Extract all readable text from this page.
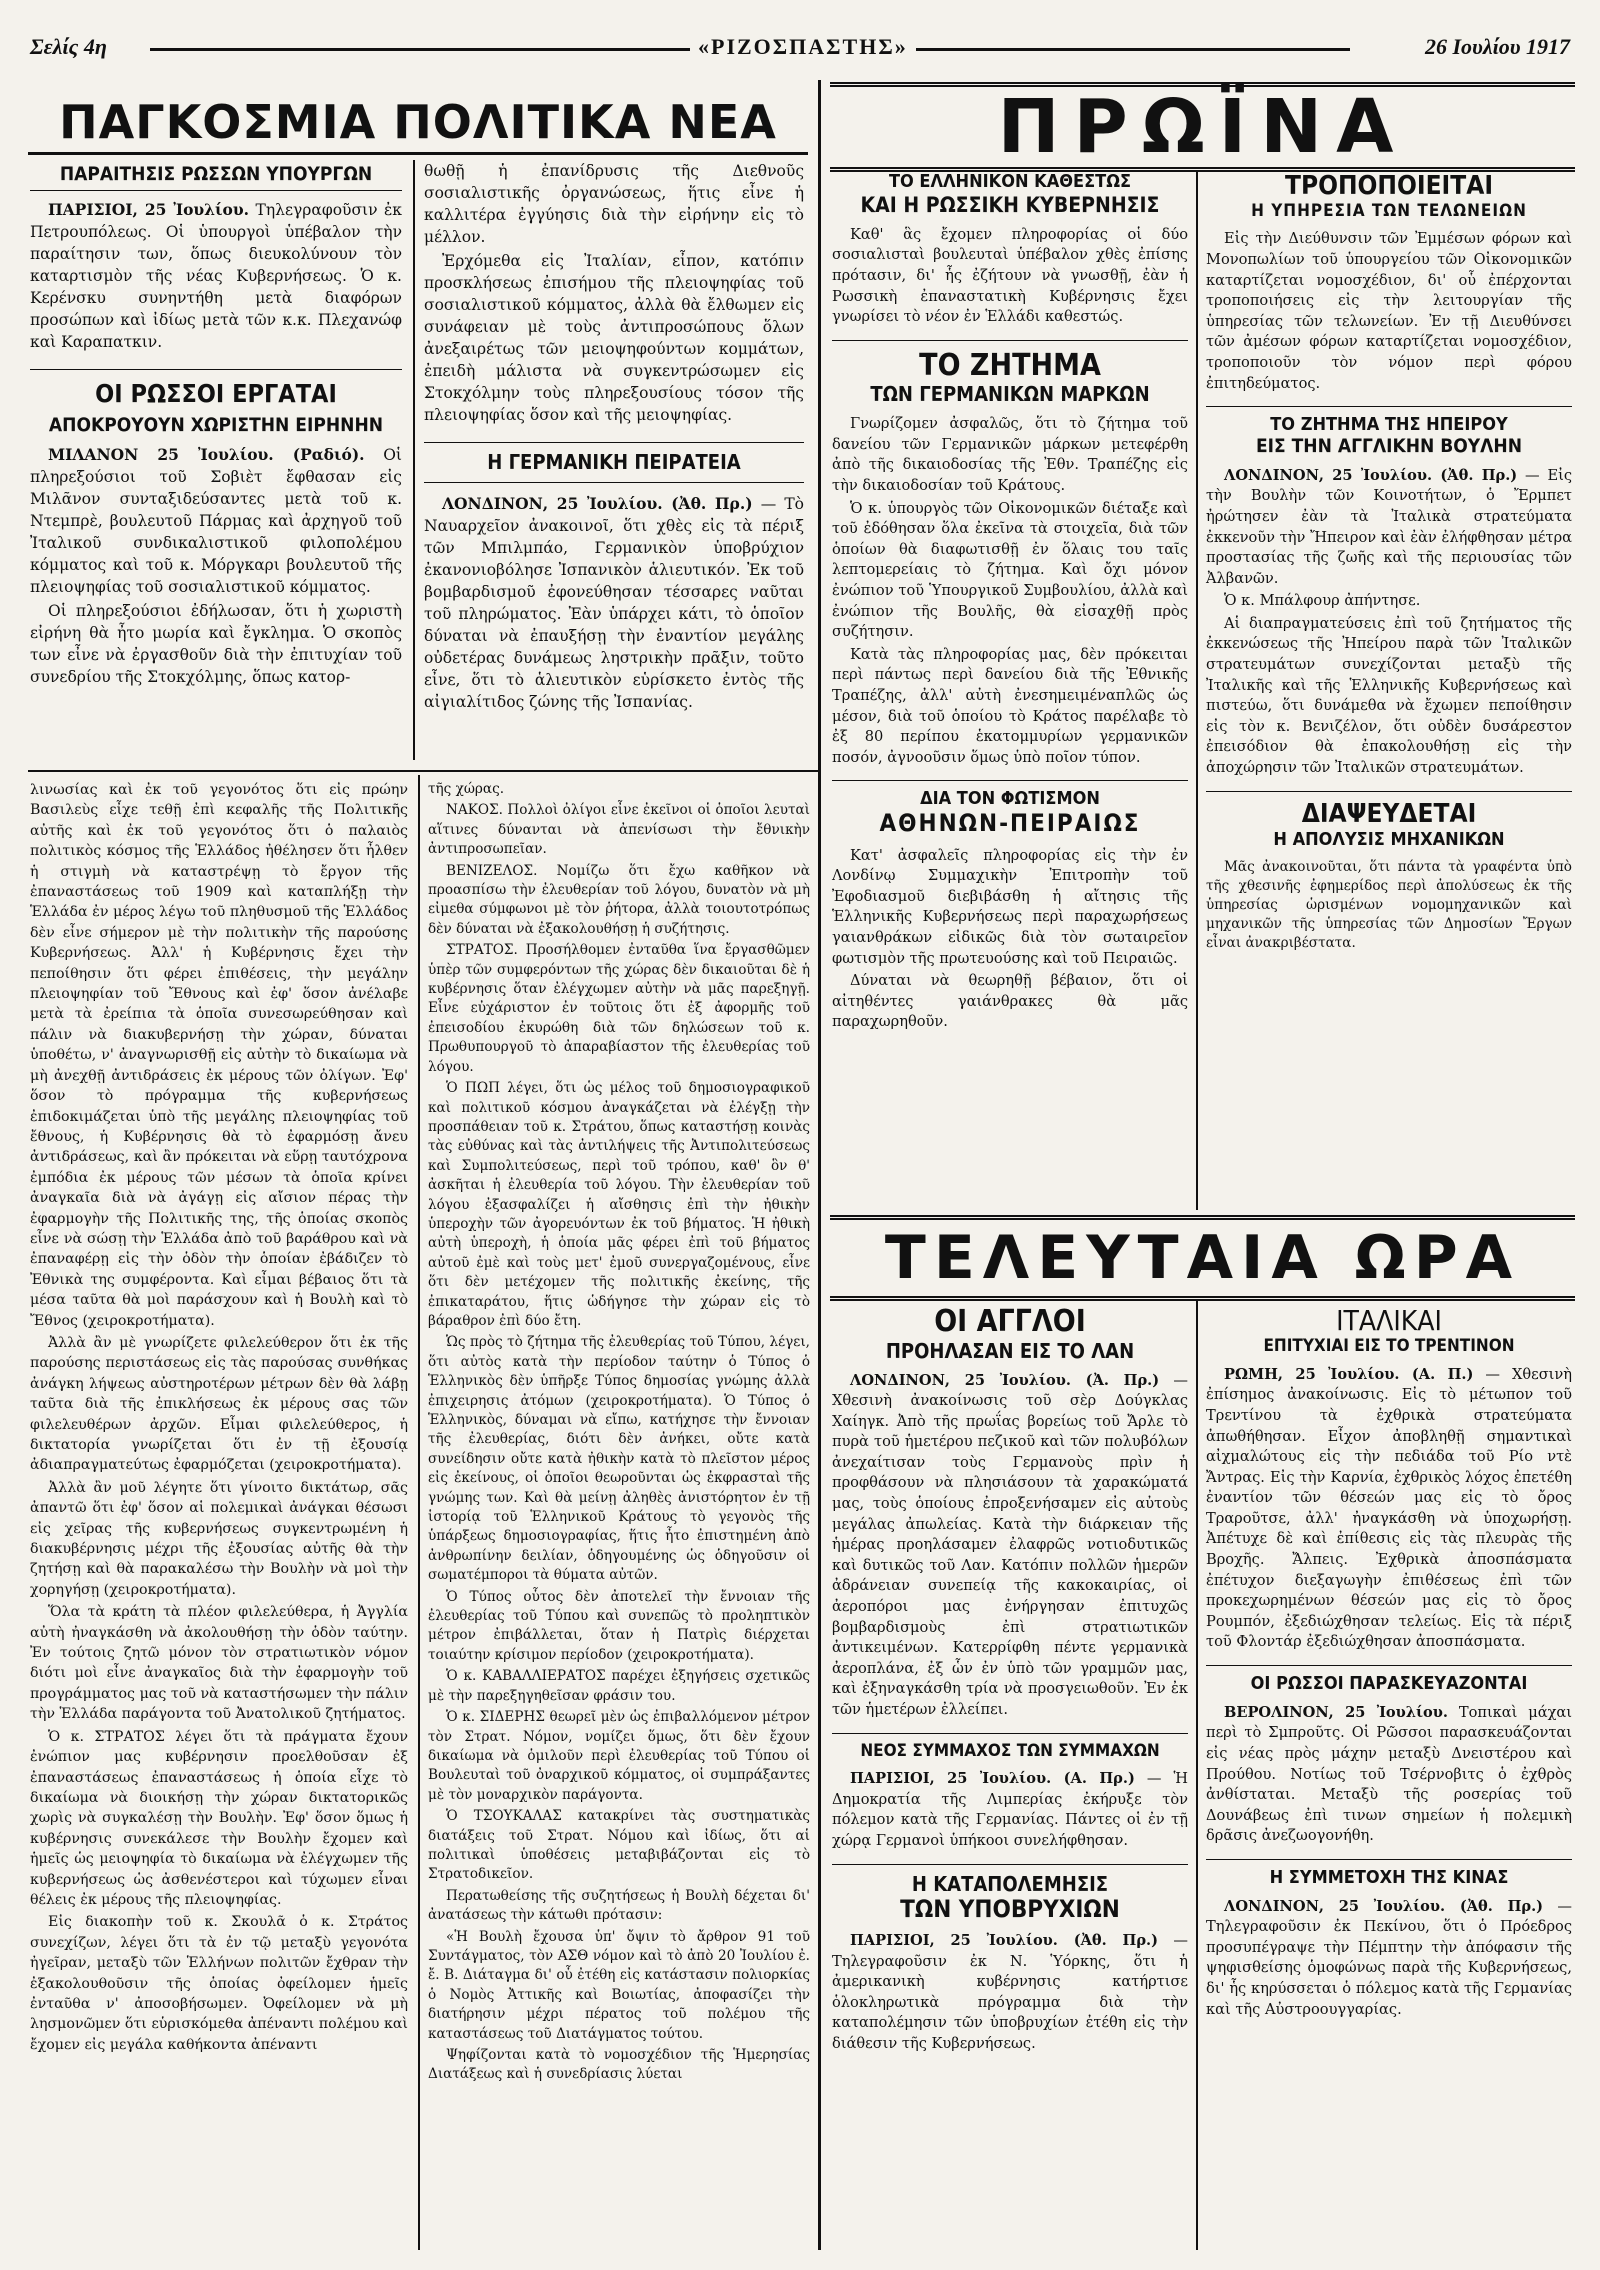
Σελίς 4η	«ΡΙΖΟΣΠΑΣΤΗΣ»	26 Ιουλίου 1917
ΠΑΓΚΟΣΜΙΑ ΠΟΛΙΤΙΚΑ ΝΕΑ	ΠΡΩΪΝΑ
ΠΑΡΑΙΤΗΣΙΣ ΡΩΣΣΩΝ ΥΠΟΥΡΓΩΝ

ΠΑΡΙΣΙΟΙ, 25 Ἰουλίου. Τηλεγραφοῦσιν ἐκ Πετρουπόλεως. Οἱ ὑπουργοὶ ὑπέβαλον τὴν παραίτησιν των, ὅπως διευκολύνουν τὸν καταρτισμὸν τῆς νέας Κυβερνήσεως. Ὁ κ. Κερένσκυ συνηντήθη μετὰ διαφόρων προσώπων καὶ ἰδίως μετὰ τῶν κ.κ. Πλεχανώφ καὶ Καραπατκιν.

ΟΙ ΡΩΣΣΟΙ ΕΡΓΑΤΑΙ
ΑΠΟΚΡΟΥΟΥΝ ΧΩΡΙΣΤΗΝ ΕΙΡΗΝΗΝ

ΜΙΛΑΝΟΝ 25 Ἰουλίου. (Ραδιό). Οἱ πληρεξούσιοι τοῦ Σοβιὲτ ἔφθασαν εἰς Μιλᾶνον συνταξιδεύσαντες μετὰ τοῦ κ. Ντεμπρὲ, βουλευτοῦ Πάρμας καὶ ἀρχηγοῦ τοῦ Ἰταλικοῦ συνδικαλιστικοῦ φιλοπολέμου κόμματος καὶ τοῦ κ. Μόργκαρι βουλευτοῦ τῆς πλειοψηφίας τοῦ σοσιαλιστικοῦ κόμματος.

Οἱ πληρεξούσιοι ἐδήλωσαν, ὅτι ἡ χωριστὴ εἰρήνη θὰ ἦτο μωρία καὶ ἔγκλημα. Ὁ σκοπὸς των εἶνε νὰ ἐργασθοῦν διὰ τὴν ἐπιτυχίαν τοῦ συνεδρίου τῆς Στοκχόλμης, ὅπως κατορ-

θωθῇ ἡ ἐπανίδρυσις τῆς Διεθνοῦς σοσιαλιστικῆς ὀργανώσεως, ἥτις εἶνε ἡ καλλιτέρα ἐγγύησις διὰ τὴν εἰρήνην εἰς τὸ μέλλον.

Ἐρχόμεθα εἰς Ἰταλίαν, εἶπον, κατόπιν προσκλήσεως ἐπισήμου τῆς πλειοψηφίας τοῦ σοσιαλιστικοῦ κόμματος, ἀλλὰ θὰ ἔλθωμεν εἰς συνάφειαν μὲ τοὺς ἀντιπροσώπους ὅλων ἀνεξαιρέτως τῶν μειοψηφούντων κομμάτων, ἐπειδὴ μάλιστα νὰ συγκεντρώσωμεν εἰς Στοκχόλμην τοὺς πληρεξουσίους τόσον τῆς πλειοψηφίας ὅσον καὶ τῆς μειοψηφίας.

Η ΓΕΡΜΑΝΙΚΗ ΠΕΙΡΑΤΕΙΑ

ΛΟΝΔΙΝΟΝ, 25 Ἰουλίου. (Ἀθ. Πρ.) — Τὸ Ναυαρχεῖον ἀνακοινοῖ, ὅτι χθὲς εἰς τὰ πέριξ τῶν Μπιλμπάο, Γερμανικὸν ὑποβρύχιον ἐκανονιοβόλησε Ἰσπανικὸν ἁλιευτικόν. Ἐκ τοῦ βομβαρδισμοῦ ἐφονεύθησαν τέσσαρες ναῦται τοῦ πληρώματος. Ἐὰν ὑπάρχει κάτι, τὸ ὁποῖον δύναται νὰ ἐπαυξήσῃ τὴν ἐναντίον μεγάλης οὐδετέρας δυνάμεως ληστρικὴν πρᾶξιν, τοῦτο εἶνε, ὅτι τὸ ἁλιευτικὸν εὑρίσκετο ἐντὸς τῆς αἰγιαλίτιδος ζώνης τῆς Ἰσπανίας.

λινωσίας καὶ ἐκ τοῦ γεγονότος ὅτι εἰς πρώην Βασιλεὺς εἶχε τεθῇ ἐπὶ κεφαλῆς τῆς Πολιτικῆς αὐτῆς καὶ ἐκ τοῦ γεγονότος ὅτι ὁ παλαιὸς πολιτικὸς κόσμος τῆς Ἑλλάδος ἠθέλησεν ὅτι ἦλθεν ἡ στιγμὴ νὰ καταστρέψῃ τὸ ἔργον τῆς ἐπαναστάσεως τοῦ 1909 καὶ καταπλήξῃ τὴν Ἑλλάδα ἐν μέρος λέγω τοῦ πληθυσμοῦ τῆς Ἑλλάδος δὲν εἶνε σήμερον μὲ τὴν πολιτικὴν τῆς παρούσης Κυβερνήσεως. Ἀλλ' ἡ Κυβέρνησις ἔχει τὴν πεποίθησιν ὅτι φέρει ἐπιθέσεις, τὴν μεγάλην πλειοψηφίαν τοῦ Ἔθνους καὶ ἐφ' ὅσον ἀνέλαβε μετὰ τὰ ἐρείπια τὰ ὁποῖα συνεσωρεύθησαν καὶ πάλιν νὰ διακυβερνήσῃ τὴν χώραν, δύναται ὑποθέτω, ν' ἀναγνωρισθῇ εἰς αὐτὴν τὸ δικαίωμα νὰ μὴ ἀνεχθῇ ἀντιδράσεις ἐκ μέρους τῶν ὀλίγων. Ἐφ' ὅσον τὸ πρόγραμμα τῆς κυβερνήσεως ἐπιδοκιμάζεται ὑπὸ τῆς μεγάλης πλειοψηφίας τοῦ ἔθνους, ἡ Κυβέρνησις θὰ τὸ ἐφαρμόσῃ ἄνευ ἀντιδράσεως, καὶ ἂν πρόκειται νὰ εὕρῃ ταυτόχρονα ἐμπόδια ἐκ μέρους τῶν μέσων τὰ ὁποῖα κρίνει ἀναγκαῖα διὰ νὰ ἀγάγῃ εἰς αἴσιον πέρας τὴν ἐφαρμογὴν τῆς Πολιτικῆς της, τῆς ὁποίας σκοπὸς εἶνε νὰ σώσῃ τὴν Ἑλλάδα ἀπὸ τοῦ βαράθρου καὶ νὰ ἐπαναφέρῃ εἰς τὴν ὁδὸν τὴν ὁποίαν ἐβάδιζεν τὸ Ἐθνικὰ της συμφέροντα. Καὶ εἶμαι βέβαιος ὅτι τὰ μέσα ταῦτα θὰ μοὶ παράσχουν καὶ ἡ Βουλὴ καὶ τὸ Ἔθνος (χειροκροτήματα).

Ἀλλὰ ἂν μὲ γνωρίζετε φιλελεύθερον ὅτι ἐκ τῆς παρούσης περιστάσεως εἰς τὰς παρούσας συνθήκας ἀνάγκη λήψεως αὐστηροτέρων μέτρων δὲν θὰ λάβῃ ταῦτα διὰ τῆς ἐπικλήσεως ἐκ μέρους σας τῶν φιλελευθέρων ἀρχῶν. Εἶμαι φιλελεύθερος, ἡ δικτατορία γνωρίζεται ὅτι ἐν τῇ ἐξουσίᾳ ἀδιαπραγματεύτως ἐφαρμόζεται (χειροκροτήματα).

Ἀλλὰ ἂν μοῦ λέγητε ὅτι γίνοιτο δικτάτωρ, σᾶς ἀπαντῶ ὅτι ἐφ' ὅσον αἱ πολεμικαὶ ἀνάγκαι θέσωσι εἰς χεῖρας τῆς κυβερνήσεως συγκεντρωμένη ἡ διακυβέρνησις μέχρι τῆς ἐξουσίας αὐτῆς θὰ τὴν ζητήσῃ καὶ θὰ παρακαλέσω τὴν Βουλὴν νὰ μοὶ τὴν χορηγήσῃ (χειροκροτήματα).

Ὅλα τὰ κράτη τὰ πλέον φιλελεύθερα, ἡ Ἀγγλία αὐτὴ ἠναγκάσθη νὰ ἀκολουθήσῃ τὴν ὁδὸν ταύτην. Ἐν τούτοις ζητῶ μόνον τὸν στρατιωτικὸν νόμον διότι μοὶ εἶνε ἀναγκαῖος διὰ τὴν ἐφαρμογὴν τοῦ προγράμματος μας τοῦ νὰ καταστήσωμεν τὴν πάλιν τὴν Ἑλλάδα παράγοντα τοῦ Ἀνατολικοῦ ζητήματος.

Ὁ κ. ΣΤΡΑΤΟΣ λέγει ὅτι τὰ πράγματα ἔχουν ἐνώπιον μας κυβέρνησιν προελθοῦσαν ἐξ ἐπαναστάσεως ἐπαναστάσεως ἡ ὁποία εἶχε τὸ δικαίωμα νὰ διοικήσῃ τὴν χώραν δικτατορικῶς χωρὶς νὰ συγκαλέσῃ τὴν Βουλὴν. Ἐφ' ὅσον ὅμως ἡ κυβέρνησις συνεκάλεσε τὴν Βουλὴν ἔχομεν καὶ ἡμεῖς ὡς μειοψηφία τὸ δικαίωμα νὰ ἐλέγχωμεν τῆς κυβερνήσεως ὡς ἀσθενέστεροι καὶ τύχωμεν εἶναι θέλεις ἐκ μέρους τῆς πλειοψηφίας.

Εἰς διακοπὴν τοῦ κ. Σκουλᾶ ὁ κ. Στράτος συνεχίζων, λέγει ὅτι τὰ ἐν τῷ μεταξὺ γεγονότα ἠγεῖραν, μεταξὺ τῶν Ἑλλήνων πολιτῶν ἔχθραν τὴν ἐξακολουθοῦσιν τῆς ὁποίας ὀφείλομεν ἡμεῖς ἐνταῦθα ν' ἀποσοβήσωμεν. Ὀφείλομεν νὰ μὴ λησμονῶμεν ὅτι εὑρισκόμεθα ἀπέναντι πολέμου καὶ ἔχομεν εἰς μεγάλα καθήκοντα ἀπέναντι

τῆς χώρας.

ΝΑΚΟΣ. Πολλοὶ ὀλίγοι εἶνε ἐκεῖνοι οἱ ὁποῖοι λευταὶ αἵτινες δύνανται νὰ ἀπενίσωσι τὴν ἔθνικὴν ἀντιπροσωπεῖαν.

ΒΕΝΙΖΕΛΟΣ. Νομίζω ὅτι ἔχω καθῆκον νὰ προασπίσω τὴν ἐλευθερίαν τοῦ λόγου, δυνατὸν νὰ μὴ εἰμεθα σύμφωνοι μὲ τὸν ῥήτορα, ἀλλὰ τοιουτοτρόπως δὲν δύναται νὰ ἐξακολουθήσῃ ἡ συζήτησις.

ΣΤΡΑΤΟΣ. Προσήλθομεν ἐνταῦθα ἵνα ἔργασθῶμεν ὑπὲρ τῶν συμφερόντων τῆς χώρας δὲν δικαιοῦται δὲ ἡ κυβέρνησις ὅταν ἐλέγχωμεν αὐτὴν νὰ μᾶς παρεξηγῇ. Εἶνε εὐχάριστον ἐν τοῦτοις ὅτι ἐξ ἀφορμῆς τοῦ ἐπεισοδίου ἐκυρώθη διὰ τῶν δηλώσεων τοῦ κ. Πρωθυπουργοῦ τὸ ἀπαραβίαστον τῆς ἐλευθερίας τοῦ λόγου.

Ὁ ΠΩΠ λέγει, ὅτι ὡς μέλος τοῦ δημοσιογραφικοῦ καὶ πολιτικοῦ κόσμου ἀναγκάζεται νὰ ἐλέγξῃ τὴν προσπάθειαν τοῦ κ. Στράτου, ὅπως καταστήσῃ κοινὰς τὰς εὐθύνας καὶ τὰς ἀντιλήψεις τῆς Ἀντιπολιτεύσεως καὶ Συμπολιτεύσεως, περὶ τοῦ τρόπου, καθ' ὃν θ' ἀσκῆται ἡ ἐλευθερία τοῦ λόγου. Τὴν ἐλευθερίαν τοῦ λόγου ἐξασφαλίζει ἡ αἴσθησις ἐπὶ τὴν ἠθικὴν ὑπεροχὴν τῶν ἀγορευόντων ἐκ τοῦ βήματος. Ἡ ἠθικὴ αὐτὴ ὑπεροχὴ, ἡ ὁποία μᾶς φέρει ἐπὶ τοῦ βήματος αὐτοῦ ἐμὲ καὶ τοὺς μετ' ἐμοῦ συνεργαζομένους, εἶνε ὅτι δὲν μετέχομεν τῆς πολιτικῆς ἐκείνης, τῆς ἐπικαταράτου, ἥτις ὡδήγησε τὴν χώραν εἰς τὸ βάραθρον ἐπὶ δύο ἔτη.

Ὡς πρὸς τὸ ζήτημα τῆς ἐλευθερίας τοῦ Τύπου, λέγει, ὅτι αὐτὸς κατὰ τὴν περίοδον ταύτην ὁ Τύπος ὁ Ἑλληνικὸς δὲν ὑπῆρξε Τύπος δημοσίας γνώμης ἀλλὰ ἐπιχειρησις ἀτόμων (χειροκροτήματα). Ὁ Τύπος ὁ Ἑλληνικὸς, δύναμαι νὰ εἴπω, κατήχησε τὴν ἔννοιαν τῆς ἐλευθερίας, διότι δὲν ἀνήκει, οὔτε κατὰ συνείδησιν οὔτε κατὰ ἠθικὴν κατὰ τὸ πλεῖστον μέρος εἰς ἐκείνους, οἱ ὁποῖοι θεωροῦνται ὡς ἐκφρασταὶ τῆς γνώμης των. Καὶ θὰ μείνῃ ἀληθὲς ἀνιστόρητον ἐν τῇ ἱστορίᾳ τοῦ Ἑλληνικοῦ Κράτους τὸ γεγονὸς τῆς ὑπάρξεως δημοσιογραφίας, ἥτις ἦτο ἐπιστημένη ἀπὸ ἀνθρωπίνην δειλίαν, ὁδηγουμένης ὡς ὁδηγοῦσιν οἱ σωματέμποροι τὰ θύματα αὐτῶν.

Ὁ Τύπος οὗτος δὲν ἀποτελεῖ τὴν ἔννοιαν τῆς ἐλευθερίας τοῦ Τύπου καὶ συνεπῶς τὸ προληπτικὸν μέτρον ἐπιβάλλεται, ὅταν ἡ Πατρὶς διέρχεται τοιαύτην κρίσιμον περίοδον (χειροκροτήματα).

Ὁ κ. ΚΑΒΑΛΛΙΕΡΑΤΟΣ παρέχει ἐξηγήσεις σχετικῶς μὲ τὴν παρεξηγηθεῖσαν φράσιν του.

Ὁ κ. ΣΙΔΕΡΗΣ θεωρεῖ μὲν ὡς ἐπιβαλλόμενον μέτρον τὸν Στρατ. Νόμον, νομίζει ὅμως, ὅτι δὲν ἔχουν δικαίωμα νὰ ὁμιλοῦν περὶ ἐλευθερίας τοῦ Τύπου οἱ Βουλευταὶ τοῦ ὀναρχικοῦ κόμματος, οἱ συμπράξαντες μὲ τὸν μοναρχικὸν παράγοντα.

Ὁ ΤΣΟΥΚΑΛΑΣ κατακρίνει τὰς συστηματικὰς διατάξεις τοῦ Στρατ. Νόμου καὶ ἰδίως, ὅτι αἱ πολιτικαὶ ὑποθέσεις μεταβιβάζονται εἰς τὸ Στρατοδικεῖον.

Περατωθείσης τῆς συζητήσεως ἡ Βουλὴ δέχεται δι' ἀνατάσεως τὴν κάτωθι πρότασιν:

«Ἡ Βουλὴ ἔχουσα ὑπ' ὄψιν τὸ ἄρθρον 91 τοῦ Συντάγματος, τὸν ΑΣΘ νόμον καὶ τὸ ἀπὸ 20 Ἰουλίου ἐ. ἔ. Β. Διάταγμα δι' οὗ ἐτέθη εἰς κατάστασιν πολιορκίας ὁ Νομὸς Ἀττικῆς καὶ Βοιωτίας, ἀποφασίζει τὴν διατήρησιν μέχρι πέρατος τοῦ πολέμου τῆς καταστάσεως τοῦ Διατάγματος τούτου.

Ψηφίζονται κατὰ τὸ νομοσχέδιον τῆς Ἡμερησίας Διατάξεως καὶ ἡ συνεδρίασις λύεται

ΤΟ ΕΛΛΗΝΙΚΟΝ ΚΑΘΕΣΤΩΣ
ΚΑΙ Η ΡΩΣΣΙΚΗ ΚΥΒΕΡΝΗΣΙΣ

Καθ' ἃς ἔχομεν πληροφορίας οἱ δύο σοσιαλισταὶ βουλευταὶ ὑπέβαλον χθὲς ἐπίσης πρότασιν, δι' ἧς ἐζήτουν νὰ γνωσθῇ, ἐὰν ἡ Ρωσσικὴ ἐπαναστατικὴ Κυβέρνησις ἔχει γνωρίσει τὸ νέον ἐν Ἑλλάδι καθεστώς.

ΤΟ ΖΗΤΗΜΑ
ΤΩΝ ΓΕΡΜΑΝΙΚΩΝ ΜΑΡΚΩΝ

Γνωρίζομεν ἀσφαλῶς, ὅτι τὸ ζήτημα τοῦ δανείου τῶν Γερμανικῶν μάρκων μετεφέρθη ἀπὸ τῆς δικαιοδοσίας τῆς Ἐθν. Τραπέζης εἰς τὴν δικαιοδοσίαν τοῦ Κράτους.

Ὁ κ. ὑπουργὸς τῶν Οἰκονομικῶν διέταξε καὶ τοῦ ἐδόθησαν ὅλα ἐκεῖνα τὰ στοιχεῖα, διὰ τῶν ὁποίων θὰ διαφωτισθῇ ἐν ὅλαις του ταῖς λεπτομερείαις τὸ ζήτημα. Καὶ ὄχι μόνον ἐνώπιον τοῦ Ὑπουργικοῦ Συμβουλίου, ἀλλὰ καὶ ἐνώπιον τῆς Βουλῆς, θὰ εἰσαχθῇ πρὸς συζήτησιν.

Κατὰ τὰς πληροφορίας μας, δὲν πρόκειται περὶ πάντως περὶ δανείου διὰ τῆς Ἐθνικῆς Τραπέζης, ἀλλ' αὐτὴ ἐνεσημειμέναπλῶς ὡς μέσον, διὰ τοῦ ὁποίου τὸ Κράτος παρέλαβε τὸ ἐξ 80 περίπου ἑκατομμυρίων γερμανικῶν ποσόν, ἀγνοοῦσιν ὅμως ὑπὸ ποῖον τύπον.

ΔΙΑ ΤΟΝ ΦΩΤΙΣΜΟΝ
ΑΘΗΝΩΝ-ΠΕΙΡΑΙΩΣ

Κατ' ἀσφαλεῖς πληροφορίας εἰς τὴν ἐν Λονδίνῳ Συμμαχικὴν Ἐπιτροπὴν τοῦ Ἐφοδιασμοῦ διεβιβάσθη ἡ αἴτησις τῆς Ἑλληνικῆς Κυβερνήσεως περὶ παραχωρήσεως γαιανθράκων εἰδικῶς διὰ τὸν σωταιρεῖον φωτισμὸν τῆς πρωτευούσης καὶ τοῦ Πειραιῶς.

Δύναται νὰ θεωρηθῇ βέβαιον, ὅτι οἱ αἰτηθέντες γαιάνθρακες θὰ μᾶς παραχωρηθοῦν.

ΤΡΟΠΟΠΟΙΕΙΤΑΙ
Η ΥΠΗΡΕΣΙΑ ΤΩΝ ΤΕΛΩΝΕΙΩΝ

Εἰς τὴν Διεύθυνσιν τῶν Ἐμμέσων φόρων καὶ Μονοπωλίων τοῦ ὑπουργείου τῶν Οἰκονομικῶν καταρτίζεται νομοσχέδιον, δι' οὗ ἐπέρχονται τροποποιήσεις εἰς τὴν λειτουργίαν τῆς ὑπηρεσίας τῶν τελωνείων. Ἐν τῇ Διευθύνσει τῶν ἀμέσων φόρων καταρτίζεται νομοσχέδιον, τροποποιοῦν τὸν νόμον περὶ φόρου ἐπιτηδεύματος.

ΤΟ ΖΗΤΗΜΑ ΤΗΣ ΗΠΕΙΡΟΥ
ΕΙΣ ΤΗΝ ΑΓΓΛΙΚΗΝ ΒΟΥΛΗΝ

ΛΟΝΔΙΝΟΝ, 25 Ἰουλίου. (Ἀθ. Πρ.) — Εἰς τὴν Βουλὴν τῶν Κοινοτήτων, ὁ Ἔρμπετ ἠρώτησεν ἐὰν τὰ Ἰταλικὰ στρατεύματα ἐκκενοῦν τὴν Ἤπειρον καὶ ἐὰν ἐλήφθησαν μέτρα προστασίας τῆς ζωῆς καὶ τῆς περιουσίας τῶν Ἀλβανῶν.

Ὁ κ. Μπάλφουρ ἀπήντησε.

Αἱ διαπραγματεύσεις ἐπὶ τοῦ ζητήματος τῆς ἐκκενώσεως τῆς Ἠπείρου παρὰ τῶν Ἰταλικῶν στρατευμάτων συνεχίζονται μεταξὺ τῆς Ἰταλικῆς καὶ τῆς Ἑλληνικῆς Κυβερνήσεως καὶ πιστεύω, ὅτι δυνάμεθα νὰ ἔχωμεν πεποίθησιν εἰς τὸν κ. Βενιζέλον, ὅτι οὐδὲν δυσάρεστον ἐπεισόδιον θὰ ἐπακολουθήσῃ εἰς τὴν ἀποχώρησιν τῶν Ἰταλικῶν στρατευμάτων.

ΔΙΑΨΕΥΔΕΤΑΙ
Η ΑΠΟΛΥΣΙΣ ΜΗΧΑΝΙΚΩΝ

Μᾶς ἀνακοινοῦται, ὅτι πάντα τὰ γραφέντα ὑπὸ τῆς χθεσινῆς ἐφημερίδος περὶ ἀπολύσεως ἐκ τῆς ὑπηρεσίας ὡρισμένων νομομηχανικῶν καὶ μηχανικῶν τῆς ὑπηρεσίας τῶν Δημοσίων Ἔργων εἶναι ἀνακριβέστατα.

ΤΕΛΕΥΤΑΙΑ ΩΡΑ
ΟΙ ΑΓΓΛΟΙ
ΠΡΟΗΛΑΣΑΝ ΕΙΣ ΤΟ ΛΑΝ

ΛΟΝΔΙΝΟΝ, 25 Ἰουλίου. (Ἀ. Πρ.) — Χθεσινὴ ἀνακοίνωσις τοῦ σὲρ Δούγκλας Χαίηγκ. Ἀπὸ τῆς πρωΐας βορείως τοῦ Ἄρλε τὸ πυρὰ τοῦ ἡμετέρου πεζικοῦ καὶ τῶν πολυβόλων ἀνεχαίτισαν τοὺς Γερμανοὺς πρὶν ἡ προφθάσουν νὰ πλησιάσουν τὰ χαρακώματά μας, τοὺς ὁποίους ἐπροξενήσαμεν εἰς αὐτοὺς μεγάλας ἀπωλείας. Κατὰ τὴν διάρκειαν τῆς ἡμέρας προηλάσαμεν ἐλαφρῶς νοτιοδυτικῶς καὶ δυτικῶς τοῦ Λαν. Κατόπιν πολλῶν ἡμερῶν ἀδράνειαν συνεπείᾳ τῆς κακοκαιρίας, οἱ ἀεροπόροι μας ἐνήργησαν ἐπιτυχῶς βομβαρδισμοὺς ἐπὶ στρατιωτικῶν ἀντικειμένων. Κατερρίφθη πέντε γερμανικὰ ἀεροπλάνα, ἐξ ὧν ἐν ὑπὸ τῶν γραμμῶν μας, καὶ ἐξηναγκάσθη τρία νὰ προσγειωθοῦν. Ἐν ἐκ τῶν ἡμετέρων ἐλλείπει.

ΝΕΟΣ ΣΥΜΜΑΧΟΣ ΤΩΝ ΣΥΜΜΑΧΩΝ

ΠΑΡΙΣΙΟΙ, 25 Ἰουλίου. (Α. Πρ.) — Ἡ Δημοκρατία τῆς Λιμπερίας ἐκήρυξε τὸν πόλεμον κατὰ τῆς Γερμανίας. Πάντες οἱ ἐν τῇ χώρᾳ Γερμανοὶ ὑπήκοοι συνελήφθησαν.

Η ΚΑΤΑΠΟΛΕΜΗΣΙΣ
ΤΩΝ ΥΠΟΒΡΥΧΙΩΝ

ΠΑΡΙΣΙΟΙ, 25 Ἰουλίου. (Ἀθ. Πρ.) — Τηλεγραφοῦσιν ἐκ Ν. Ὑόρκης, ὅτι ἡ ἀμερικανικὴ κυβέρνησις κατήρτισε ὁλοκληρωτικὰ πρόγραμμα διὰ τὴν καταπολέμησιν τῶν ὑποβρυχίων ἐτέθη εἰς τὴν διάθεσιν τῆς Κυβερνήσεως.

ΙΤΑΛΙΚΑΙ
ΕΠΙΤΥΧΙΑΙ ΕΙΣ ΤΟ ΤΡΕΝΤΙΝΟΝ

ΡΩΜΗ, 25 Ἰουλίου. (Α. Π.) — Χθεσινὴ ἐπίσημος ἀνακοίνωσις. Εἰς τὸ μέτωπον τοῦ Τρεντίνου τὰ ἐχθρικὰ στρατεύματα ἀπωθήθησαν. Εἶχον ἀποβληθῇ σημαντικαὶ αἰχμαλώτους εἰς τὴν πεδιάδα τοῦ Ρίο ντὲ Ἄντρας. Εἰς τὴν Καρνία, ἐχθρικὸς λόχος ἐπετέθη ἐναντίον τῶν θέσεών μας εἰς τὸ ὄρος Τραροῦτσε, ἀλλ' ἠναγκάσθη νὰ ὑποχωρήσῃ. Ἀπέτυχε δὲ καὶ ἐπίθεσις εἰς τὰς πλευρὰς τῆς Βροχῆς. Ἄλπεις. Ἐχθρικὰ ἀποσπάσματα ἐπέτυχον διεξαγωγὴν ἐπιθέσεως ἐπὶ τῶν προκεχωρημένων θέσεών μας εἰς τὸ ὄρος Ρουμπόν, ἐξεδιώχθησαν τελείως. Εἰς τὰ πέριξ τοῦ Φλοντάρ ἐξεδιώχθησαν ἀποσπάσματα.

ΟΙ ΡΩΣΣΟΙ ΠΑΡΑΣΚΕΥΑΖΟΝΤΑΙ

ΒΕΡΟΛΙΝΟΝ, 25 Ἰουλίου. Τοπικαὶ μάχαι περὶ τὸ Σμπροῦτς. Οἱ Ρῶσσοι παρασκευάζονται εἰς νέας πρὸς μάχην μεταξὺ Δνειστέρου καὶ Προύθου. Νοτίως τοῦ Τσέρνοβιτς ὁ ἐχθρὸς ἀνθίσταται. Μεταξὺ τῆς ροσερίας τοῦ Δουνάβεως ἐπὶ τινων σημείων ἡ πολεμικὴ δρᾶσις ἀνεζωογονήθη.

Η ΣΥΜΜΕΤΟΧΗ ΤΗΣ ΚΙΝΑΣ

ΛΟΝΔΙΝΟΝ, 25 Ἰουλίου. (Ἀθ. Πρ.) — Τηλεγραφοῦσιν ἐκ Πεκίνου, ὅτι ὁ Πρόεδρος προσυπέγραψε τὴν Πέμπτην τὴν ἀπόφασιν τῆς ψηφισθείσης ὁμοφώνως παρὰ τῆς Κυβερνήσεως, δι' ἧς κηρύσσεται ὁ πόλεμος κατὰ τῆς Γερμανίας καὶ τῆς Αὐστροουγγαρίας.
